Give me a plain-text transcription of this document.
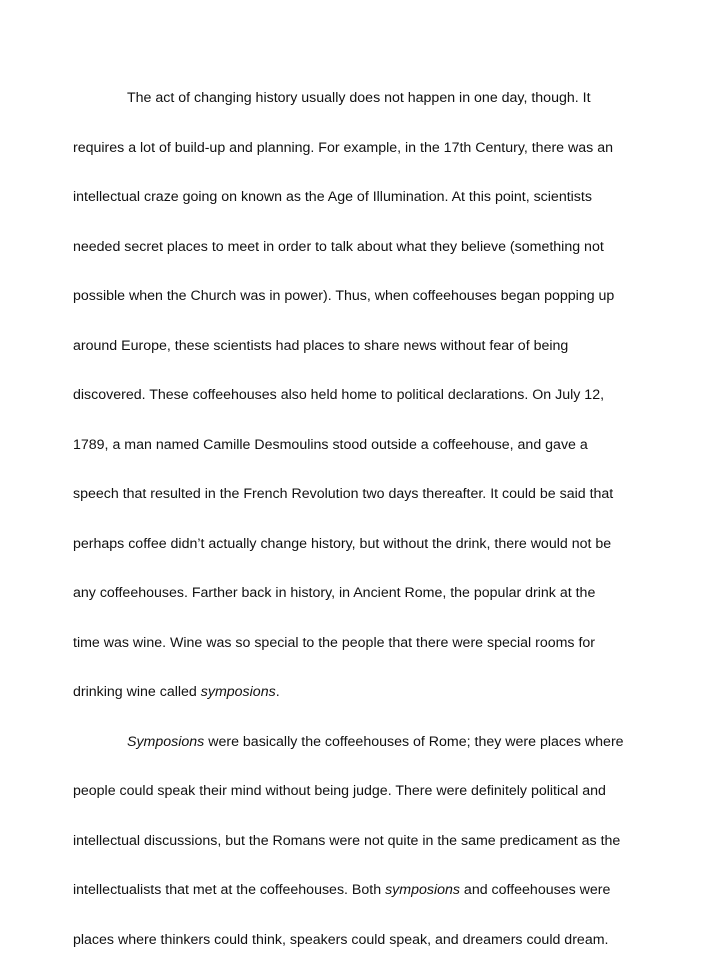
The act of changing history usually does not happen in one day, though. It
requires a lot of build-up and planning. For example, in the 17th Century, there was an
intellectual craze going on known as the Age of Illumination. At this point, scientists
needed secret places to meet in order to talk about what they believe (something not
possible when the Church was in power). Thus, when coffeehouses began popping up
around Europe, these scientists had places to share news without fear of being
discovered. These coffeehouses also held home to political declarations. On July 12,
1789, a man named Camille Desmoulins stood outside a coffeehouse, and gave a
speech that resulted in the French Revolution two days thereafter. It could be said that
perhaps coffee didn’t actually change history, but without the drink, there would not be
any coffeehouses. Farther back in history, in Ancient Rome, the popular drink at the
time was wine. Wine was so special to the people that there were special rooms for
drinking wine called symposions.
Symposions were basically the coffeehouses of Rome; they were places where
people could speak their mind without being judge. There were definitely political and
intellectual discussions, but the Romans were not quite in the same predicament as the
intellectualists that met at the coffeehouses. Both symposions and coffeehouses were
places where thinkers could think, speakers could speak, and dreamers could dream.
